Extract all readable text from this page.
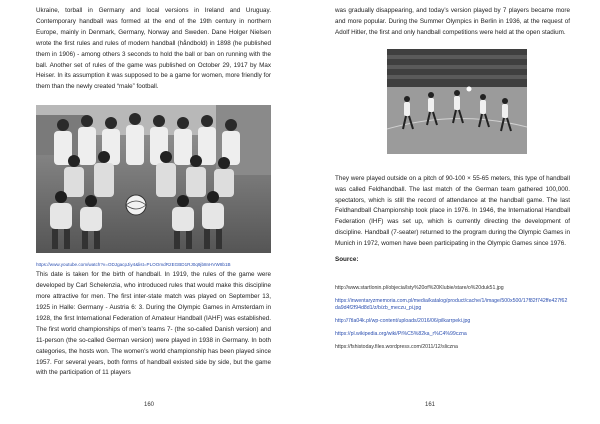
Ukraine, torball in Germany and local versions in Ireland and Uruguay. Contemporary handball was formed at the end of the 19th century in northern Europe, mainly in Denmark, Germany, Norway and Sweden. Dane Holger Nielsen wrote the first rules and rules of modern handball (håndbold) in 1898 (he published them in 1906) - among others 3 seconds to hold the ball or ban on running with the ball. Another set of rules of the game was published on October 29, 1917 by Max Heiser. In its assumption it was supposed to be a game for women, more friendly for them than the newly created “male” football.

https://www.youtube.com/watch?v=ODJgacpJiy4&list=PLOOmdR2EGBD1RJ0q9jb8nHVW8b1B

This date is taken for the birth of handball. In 1919, the rules of the game were developed by Carl Schelenzia, who introduced rules that would make this discipline more attractive for men. The first inter-state match was played on September 13, 1925 in Halle: Germany - Austria 6: 3. During the Olympic Games in Amsterdam in 1928, the first International Federation of Amateur Handball (IAHF) was established. The first world championships of men’s teams 7- (the so-called Danish version) and 11-person (the so-called German version) were played in 1938 in Germany. In both categories, the hosts won. The women’s world championship has been played since 1957. For several years, both forms of handball existed side by side, but the game with the participation of 11 players

160

was gradually disappearing, and today’s version played by 7 players became more and more popular. During the Summer Olympics in Berlin in 1936, at the request of Adolf Hitler, the first and only handball competitions were held at the open stadium.

They were played outside on a pitch of 90-100 × 55-65 meters, this type of handball was called Feldhandball. The last match of the German team gathered 100,000. spectators, which is still the record of attendance at the handball game. The last Feldhandball Championship took place in 1976. In 1946, the International Handball Federation (IHF) was set up, which is currently directing the development of discipline. Handball (7-seater) returned to the program during the Olympic Games in Munich in 1972, women have been participating in the Olympic Games since 1976.

Source:
http://www.startlonin.pl/objecia/lsty%20of%20Klubie/stare/o%20duk51.jpg
https://inwentaryzmemoria.com.pl/media/katalog/product/cache/1/image/500x500/17f82f742ffe427f62da9d4f2f94d8d1/z/b/zb_meczu_pi.jpg
http://7tla04k.pl/wp-content/uploads/2016/06/pilkarrpeki.jpg
https://pl.wikipedia.org/wiki/Pi%C5%82ka_r%C4%99czna
https://fshistoday.files.wordpress.com/2011/12/sliczna
161
